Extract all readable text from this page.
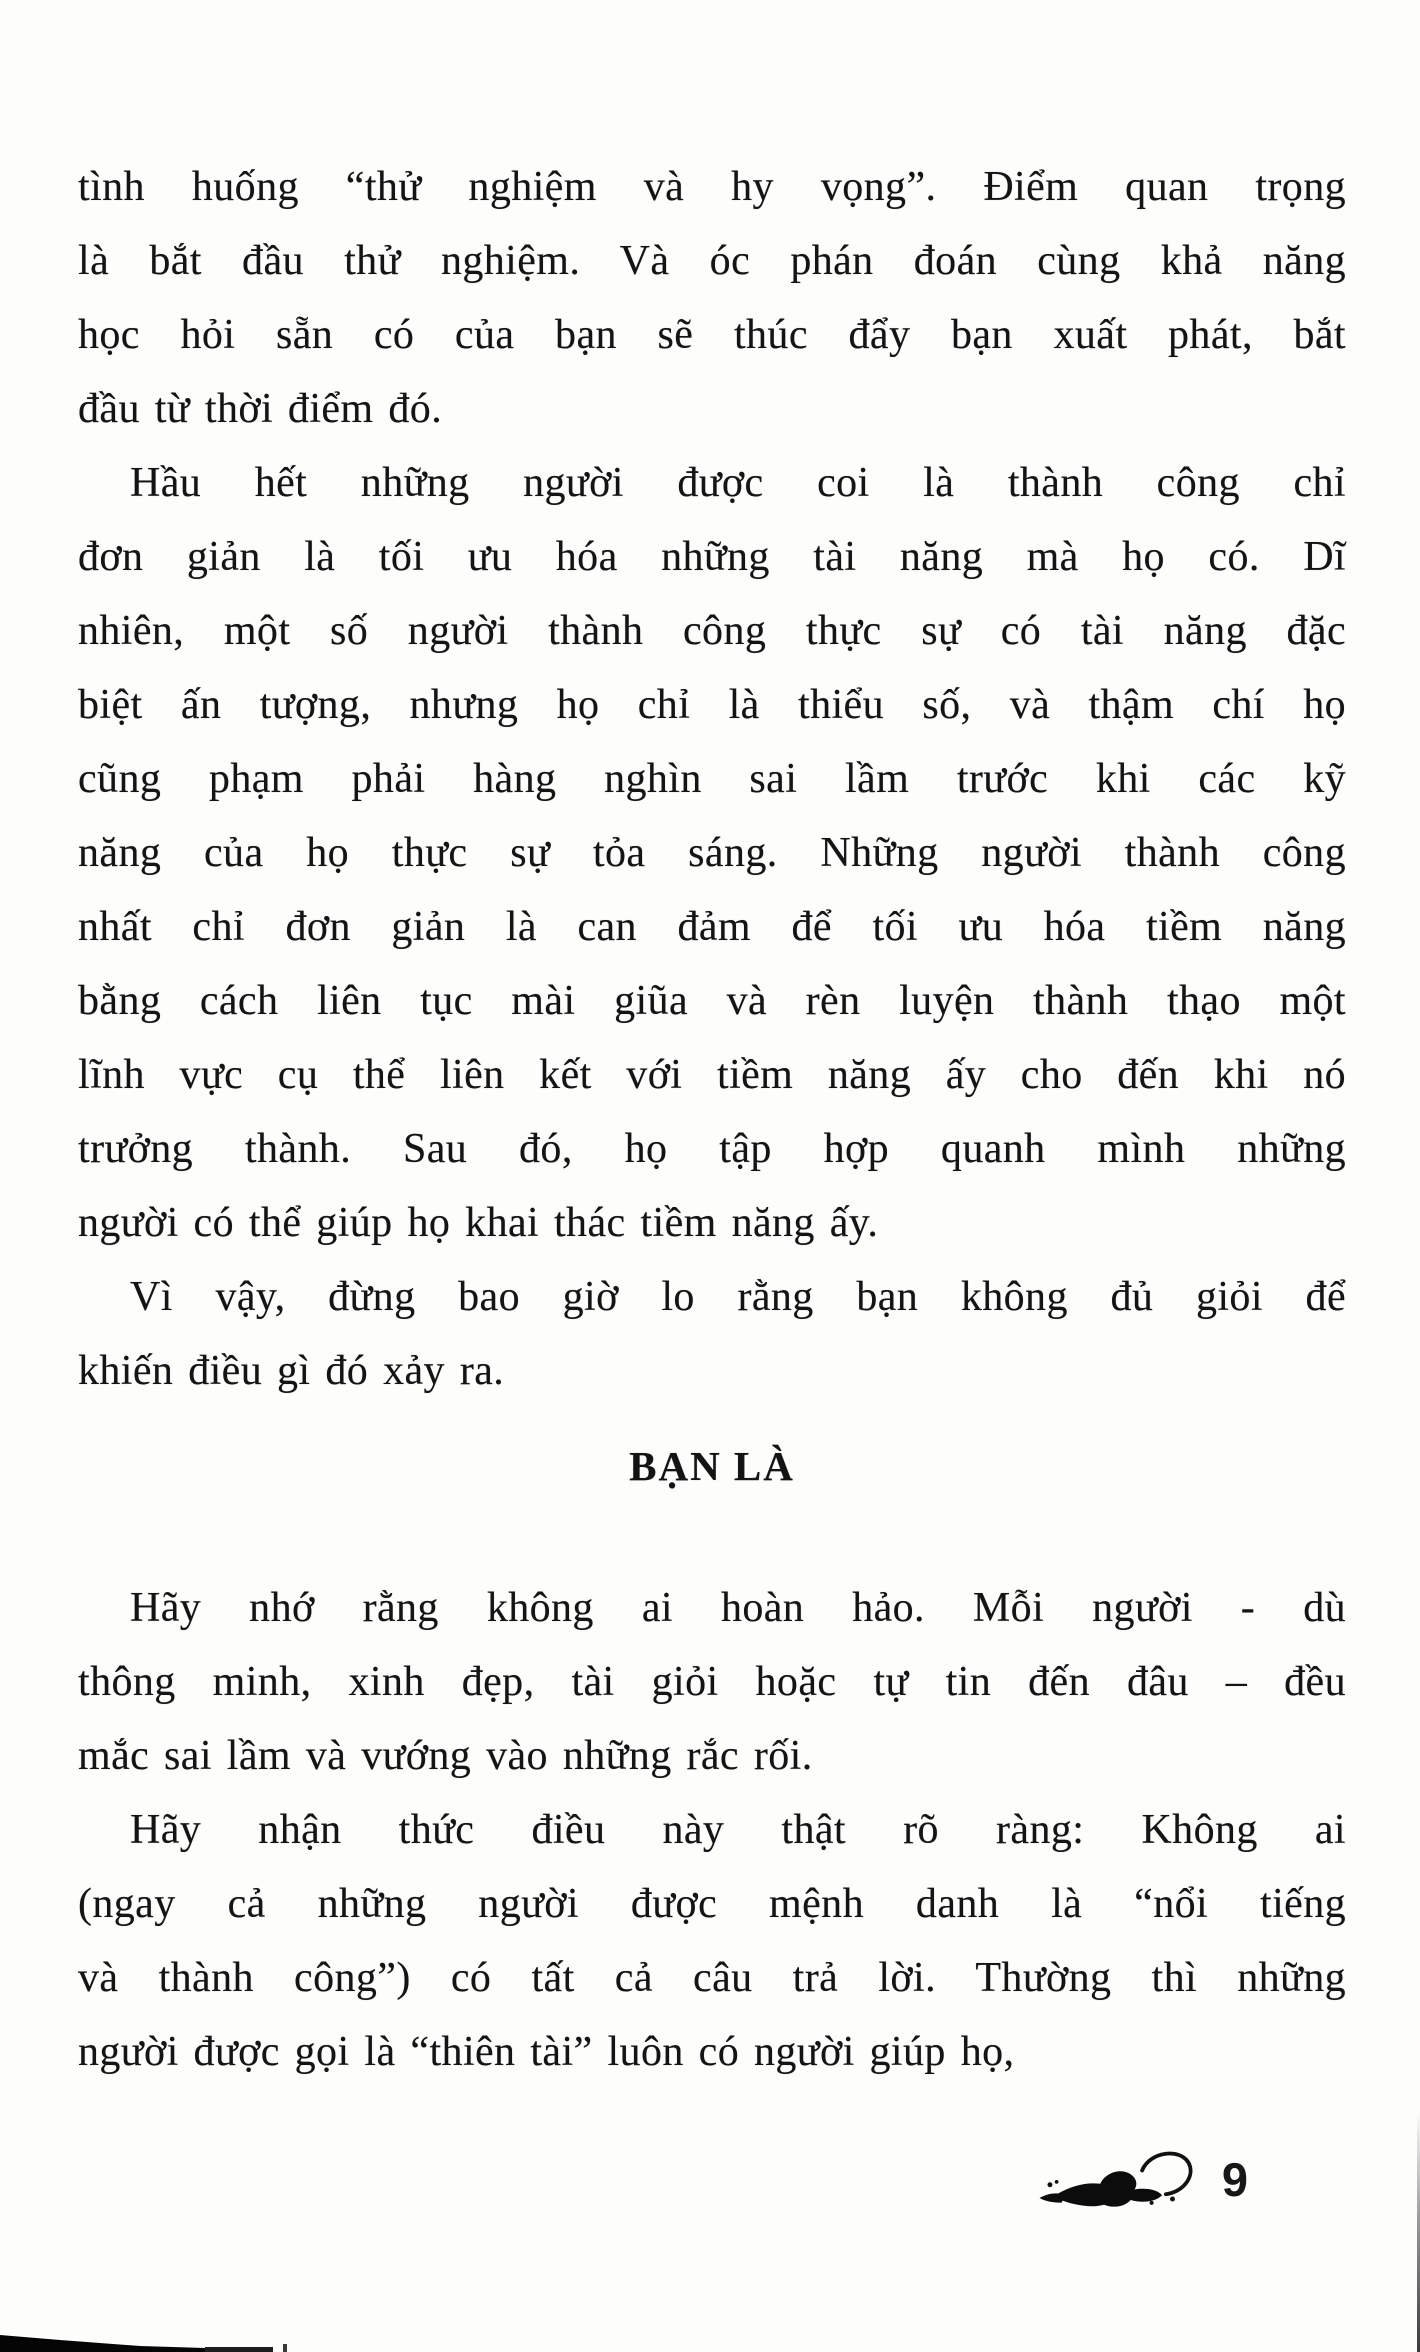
tình huống “thử nghiệm và hy vọng”. Điểm quan trọng
là bắt đầu thử nghiệm. Và óc phán đoán cùng khả năng
học hỏi sẵn có của bạn sẽ thúc đẩy bạn xuất phát, bắt
đầu từ thời điểm đó.
Hầu hết những người được coi là thành công chỉ
đơn giản là tối ưu hóa những tài năng mà họ có. Dĩ
nhiên, một số người thành công thực sự có tài năng đặc
biệt ấn tượng, nhưng họ chỉ là thiểu số, và thậm chí họ
cũng phạm phải hàng nghìn sai lầm trước khi các kỹ
năng của họ thực sự tỏa sáng. Những người thành công
nhất chỉ đơn giản là can đảm để tối ưu hóa tiềm năng
bằng cách liên tục mài giũa và rèn luyện thành thạo một
lĩnh vực cụ thể liên kết với tiềm năng ấy cho đến khi nó
trưởng thành. Sau đó, họ tập hợp quanh mình những
người có thể giúp họ khai thác tiềm năng ấy.
Vì vậy, đừng bao giờ lo rằng bạn không đủ giỏi để
khiến điều gì đó xảy ra.
BẠN LÀ
Hãy nhớ rằng không ai hoàn hảo. Mỗi người - dù
thông minh, xinh đẹp, tài giỏi hoặc tự tin đến đâu – đều
mắc sai lầm và vướng vào những rắc rối.
Hãy nhận thức điều này thật rõ ràng: Không ai
(ngay cả những người được mệnh danh là “nổi tiếng
và thành công”) có tất cả câu trả lời. Thường thì những
người được gọi là “thiên tài” luôn có người giúp họ,
9
